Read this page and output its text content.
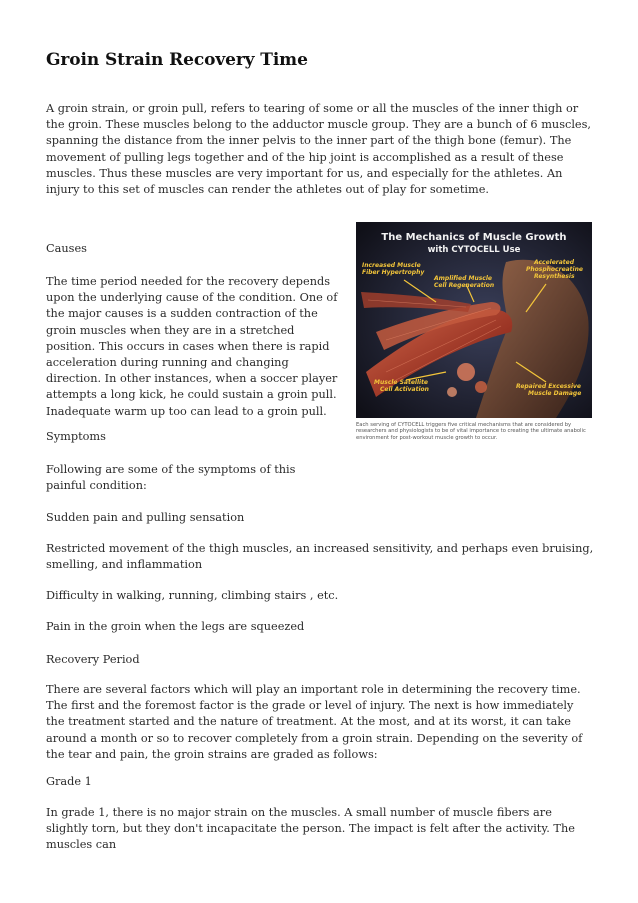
Groin Strain Recovery Time

A groin strain, or groin pull, refers to tearing of some or all the muscles of the inner thigh or the groin. These muscles belong to the adductor muscle group. They are a bunch of 6 muscles, spanning the distance from the inner pelvis to the inner part of the thigh bone (femur). The movement of pulling legs together and of the hip joint is accomplished as a result of these muscles. Thus these muscles are very important for us, and especially for the athletes. An injury to this set of muscles can render the athletes out of play for sometime.

Causes

The time period needed for the recovery depends upon the underlying cause of the condition. One of the major causes is a sudden contraction of the groin muscles when they are in a stretched position. This occurs in cases when there is rapid acceleration during running and changing direction. In other instances, when a soccer player attempts a long kick, he could sustain a groin pull. Inadequate warm up too can lead to a groin pull.

Symptoms

Following are some of the symptoms of this painful condition:

Sudden pain and pulling sensation

Restricted movement of the thigh muscles, an increased sensitivity, and perhaps even bruising, smelling, and inflammation

Difficulty in walking, running, climbing stairs , etc.

Pain in the groin when the legs are squeezed

Recovery Period

There are several factors which will play an important role in determining the recovery time. The first and the foremost factor is the grade or level of injury. The next is how immediately the treatment started and the nature of treatment. At the most, and at its worst, it can take around a month or so to recover completely from a groin strain. Depending on the severity of the tear and pain, the groin strains are graded as follows:

Grade 1

In grade 1, there is no major strain on the muscles. A small number of muscle fibers are slightly torn, but they don't incapacitate the person. The impact is felt after the activity. The muscles can

The Mechanics of Muscle Growth
with CYTOCELL Use
Increased Muscle
Fiber Hypertrophy
Amplified Muscle
Cell Regeneration
Accelerated
Phosphocreatine
Resynthesis
Muscle Satellite
Cell Activation	Repaired Excessive
Muscle Damage

Each serving of CYTOCELL triggers five critical mechanisms that are considered by researchers and physiologists to be of vital importance to creating the ultimate anabolic environment for post-workout muscle growth to occur.
